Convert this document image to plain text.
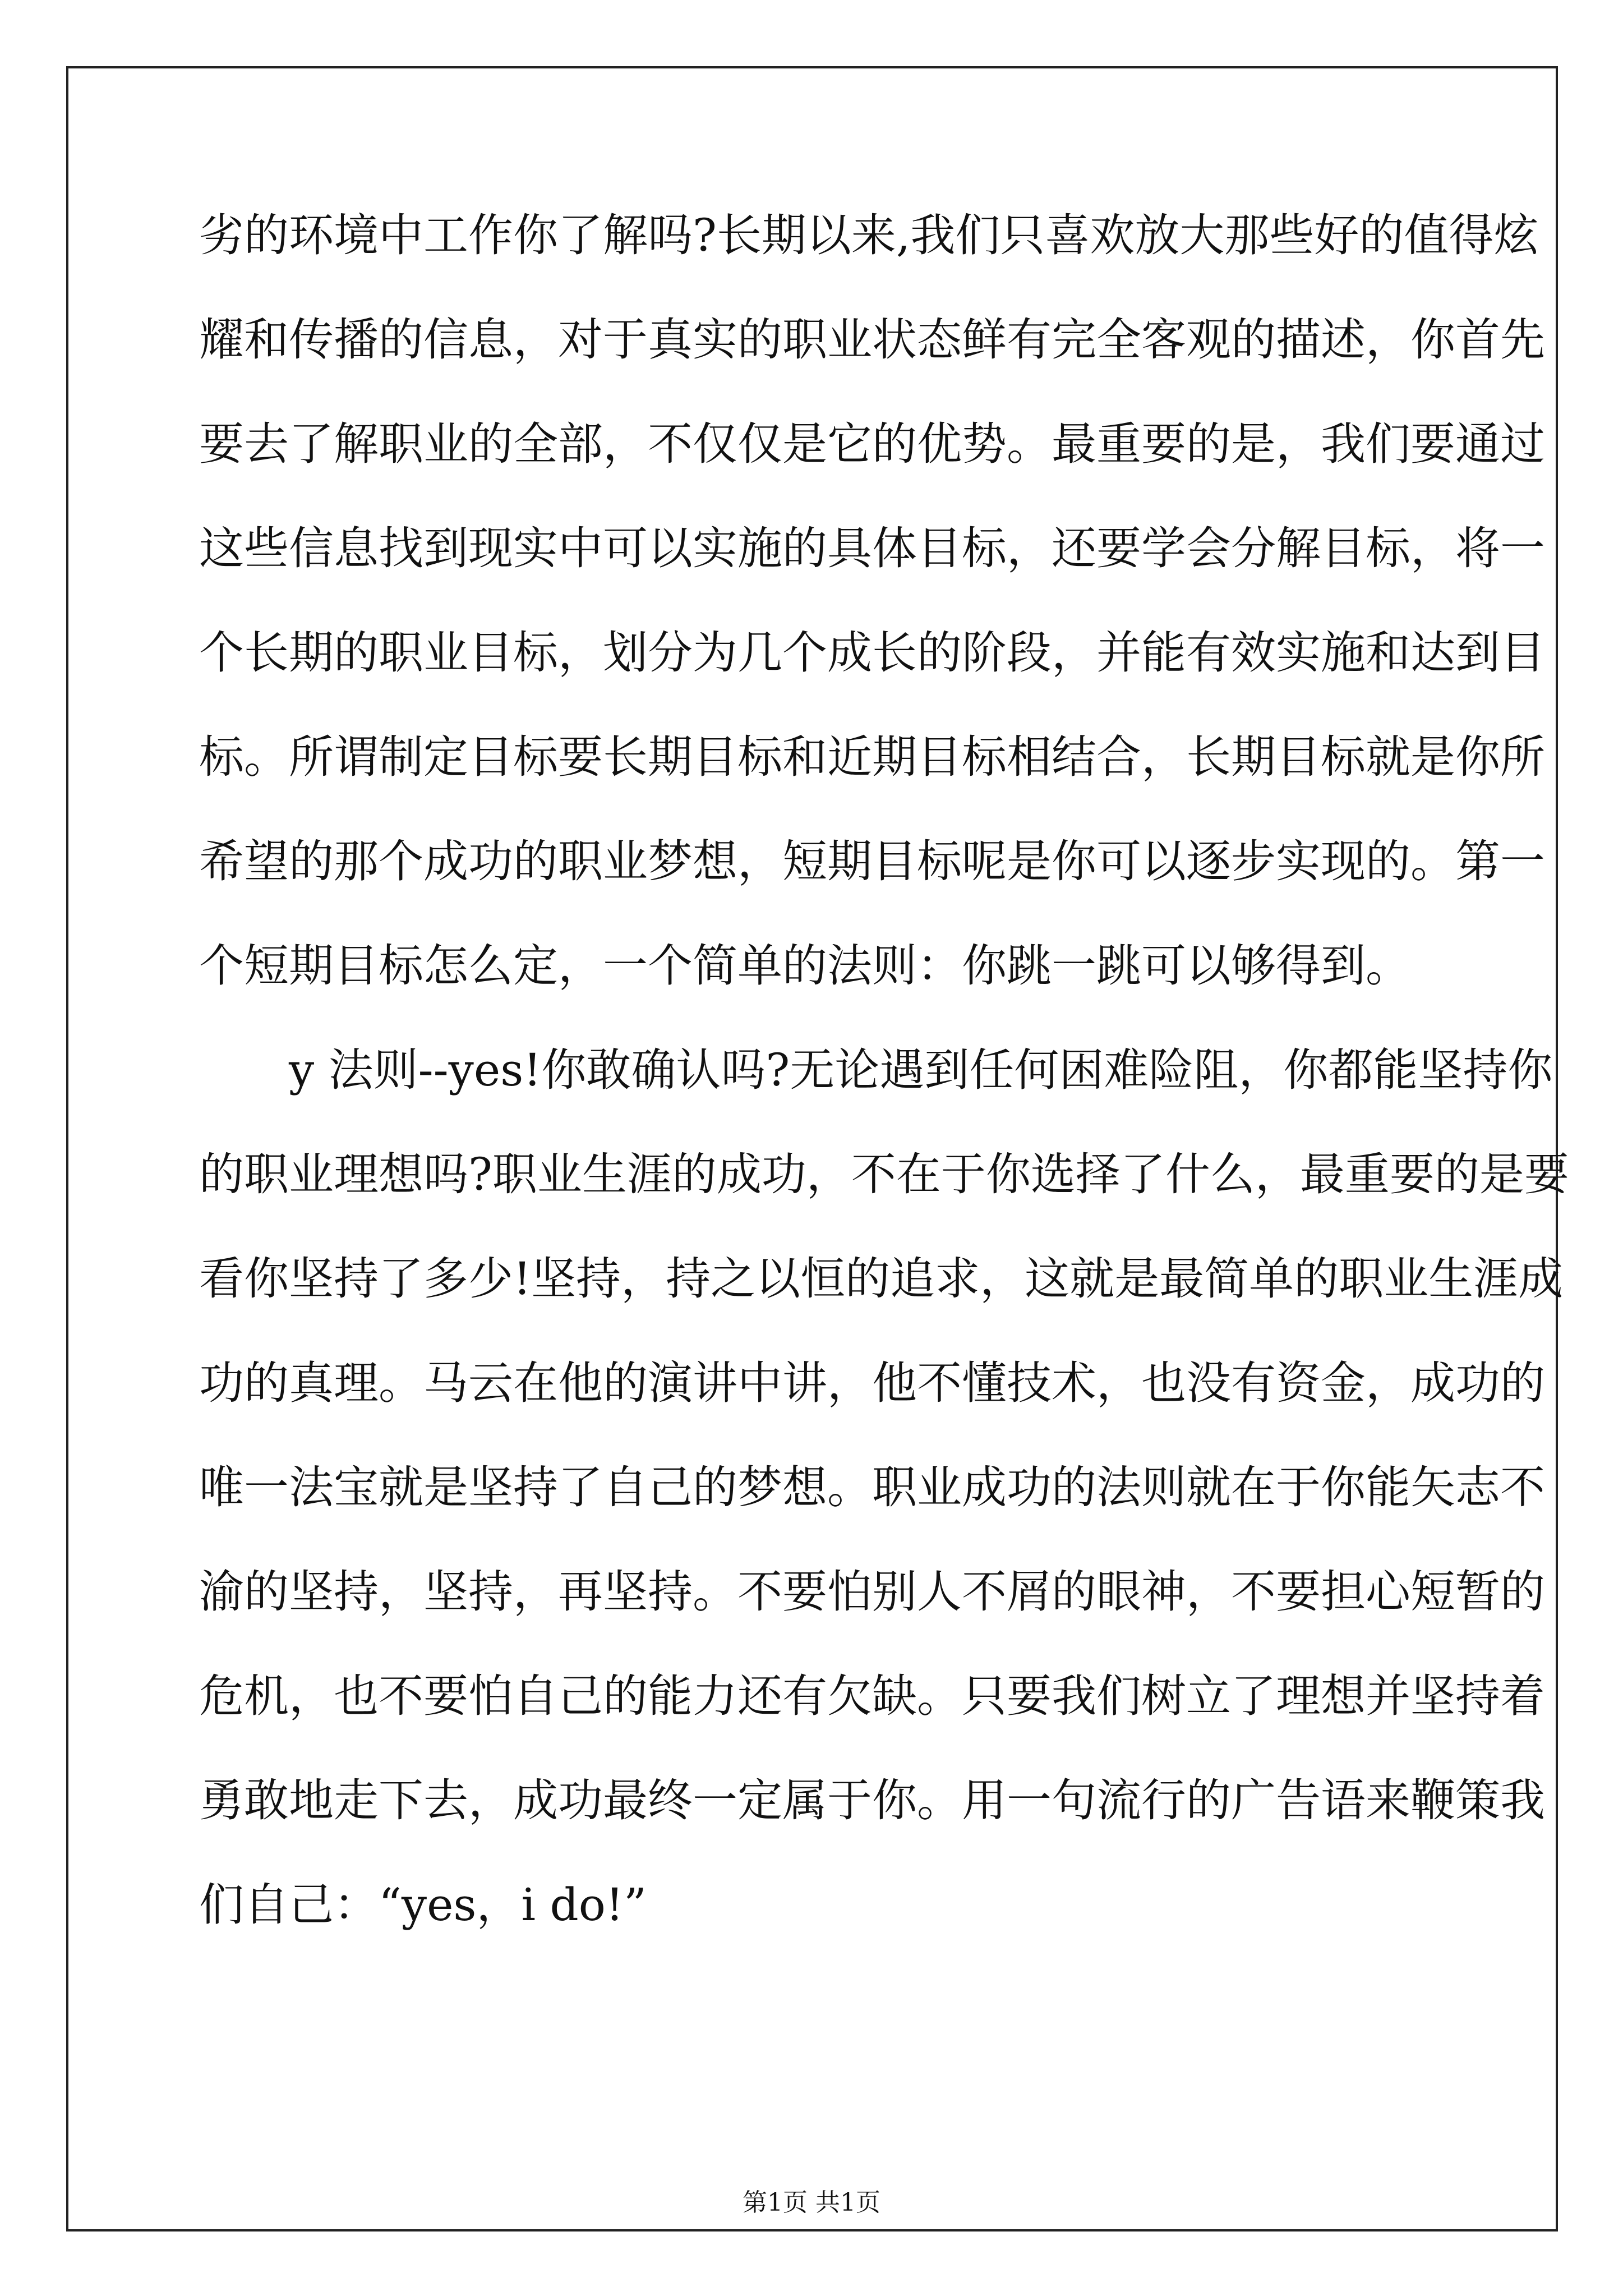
劣的环境中工作你了解吗?长期以来,我们只喜欢放大那些好的值得炫
耀和传播的信息，对于真实的职业状态鲜有完全客观的描述，你首先
要去了解职业的全部，不仅仅是它的优势。最重要的是，我们要通过
这些信息找到现实中可以实施的具体目标，还要学会分解目标，将一
个长期的职业目标，划分为几个成长的阶段，并能有效实施和达到目
标。所谓制定目标要长期目标和近期目标相结合，长期目标就是你所
希望的那个成功的职业梦想，短期目标呢是你可以逐步实现的。第一
个短期目标怎么定，一个简单的法则：你跳一跳可以够得到。
y 法则--yes!你敢确认吗?无论遇到任何困难险阻，你都能坚持你
的职业理想吗?职业生涯的成功，不在于你选择了什么，最重要的是要
看你坚持了多少!坚持，持之以恒的追求，这就是最简单的职业生涯成
功的真理。马云在他的演讲中讲，他不懂技术，也没有资金，成功的
唯一法宝就是坚持了自己的梦想。职业成功的法则就在于你能矢志不
渝的坚持，坚持，再坚持。不要怕别人不屑的眼神，不要担心短暂的
危机，也不要怕自己的能力还有欠缺。只要我们树立了理想并坚持着
勇敢地走下去，成功最终一定属于你。用一句流行的广告语来鞭策我
们自己：“yes，i do!”
第1页 共1页
